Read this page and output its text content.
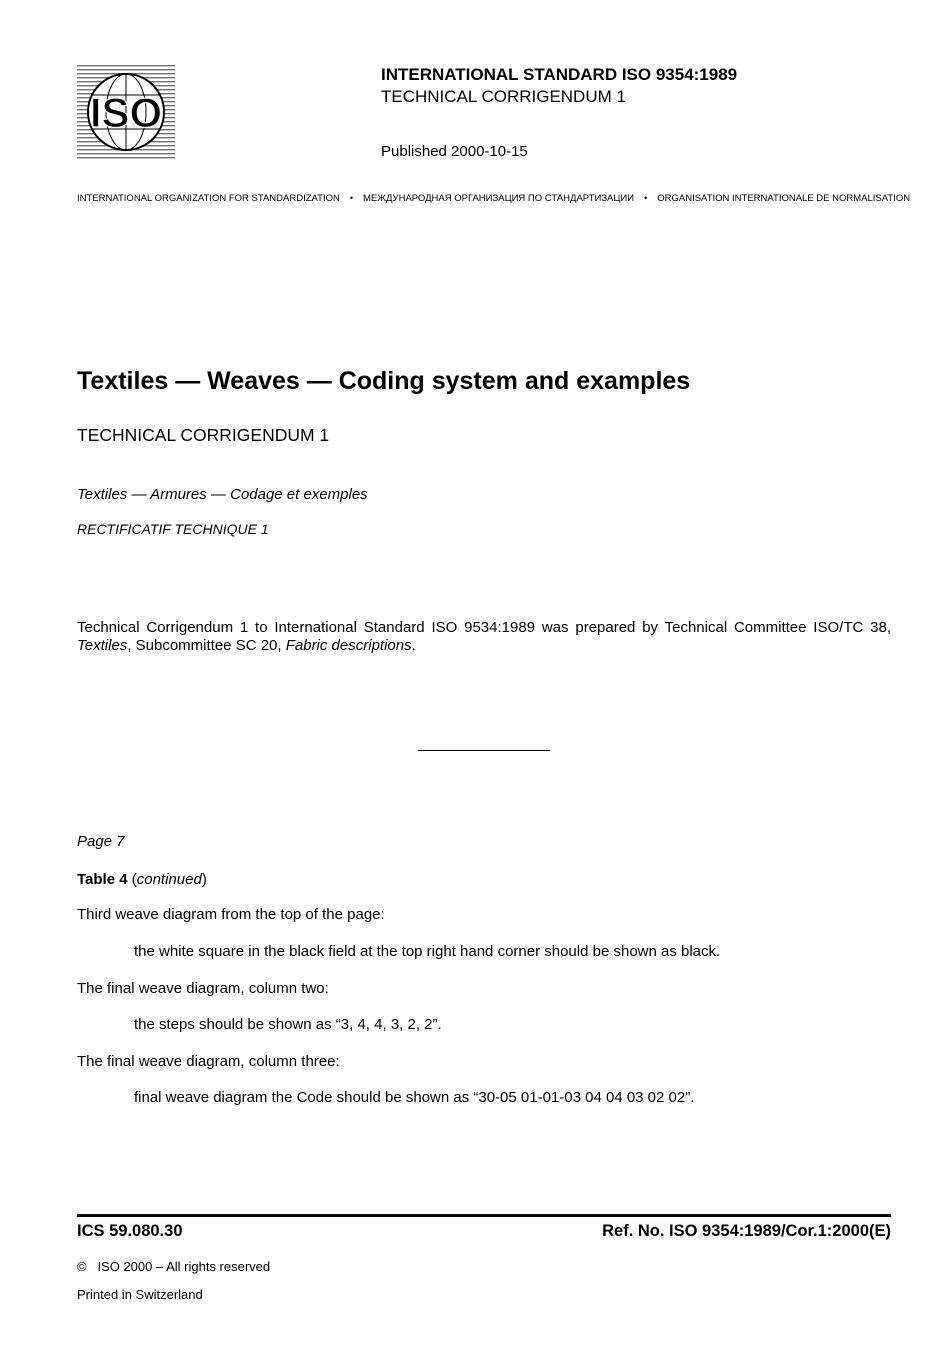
ISO
INTERNATIONAL STANDARD ISO 9354:1989
TECHNICAL CORRIGENDUM 1
Published 2000-10-15
INTERNATIONAL ORGANIZATION FOR STANDARDIZATION • МЕЖДУНАРОДНАЯ ОРГАНИЗАЦИЯ ПО СТАНДАРТИЗАЦИИ • ORGANISATION INTERNATIONALE DE NORMALISATION
Textiles — Weaves — Coding system and examples
TECHNICAL CORRIGENDUM 1
Textiles — Armures — Codage et exemples
RECTIFICATIF TECHNIQUE 1
Technical Corrigendum 1 to International Standard ISO 9534:1989 was prepared by Technical Committee ISO/TC 38, Textiles, Subcommittee SC 20, Fabric descriptions.
Page 7
Table 4 (continued)
Third weave diagram from the top of the page:
the white square in the black field at the top right hand corner should be shown as black.
The final weave diagram, column two:
the steps should be shown as “3, 4, 4, 3, 2, 2”.
The final weave diagram, column three:
final weave diagram the Code should be shown as “30-05 01-01-03 04 04 03 02 02”.
ICS 59.080.30	Ref. No. ISO 9354:1989/Cor.1:2000(E)
© ISO 2000 – All rights reserved
Printed in Switzerland
